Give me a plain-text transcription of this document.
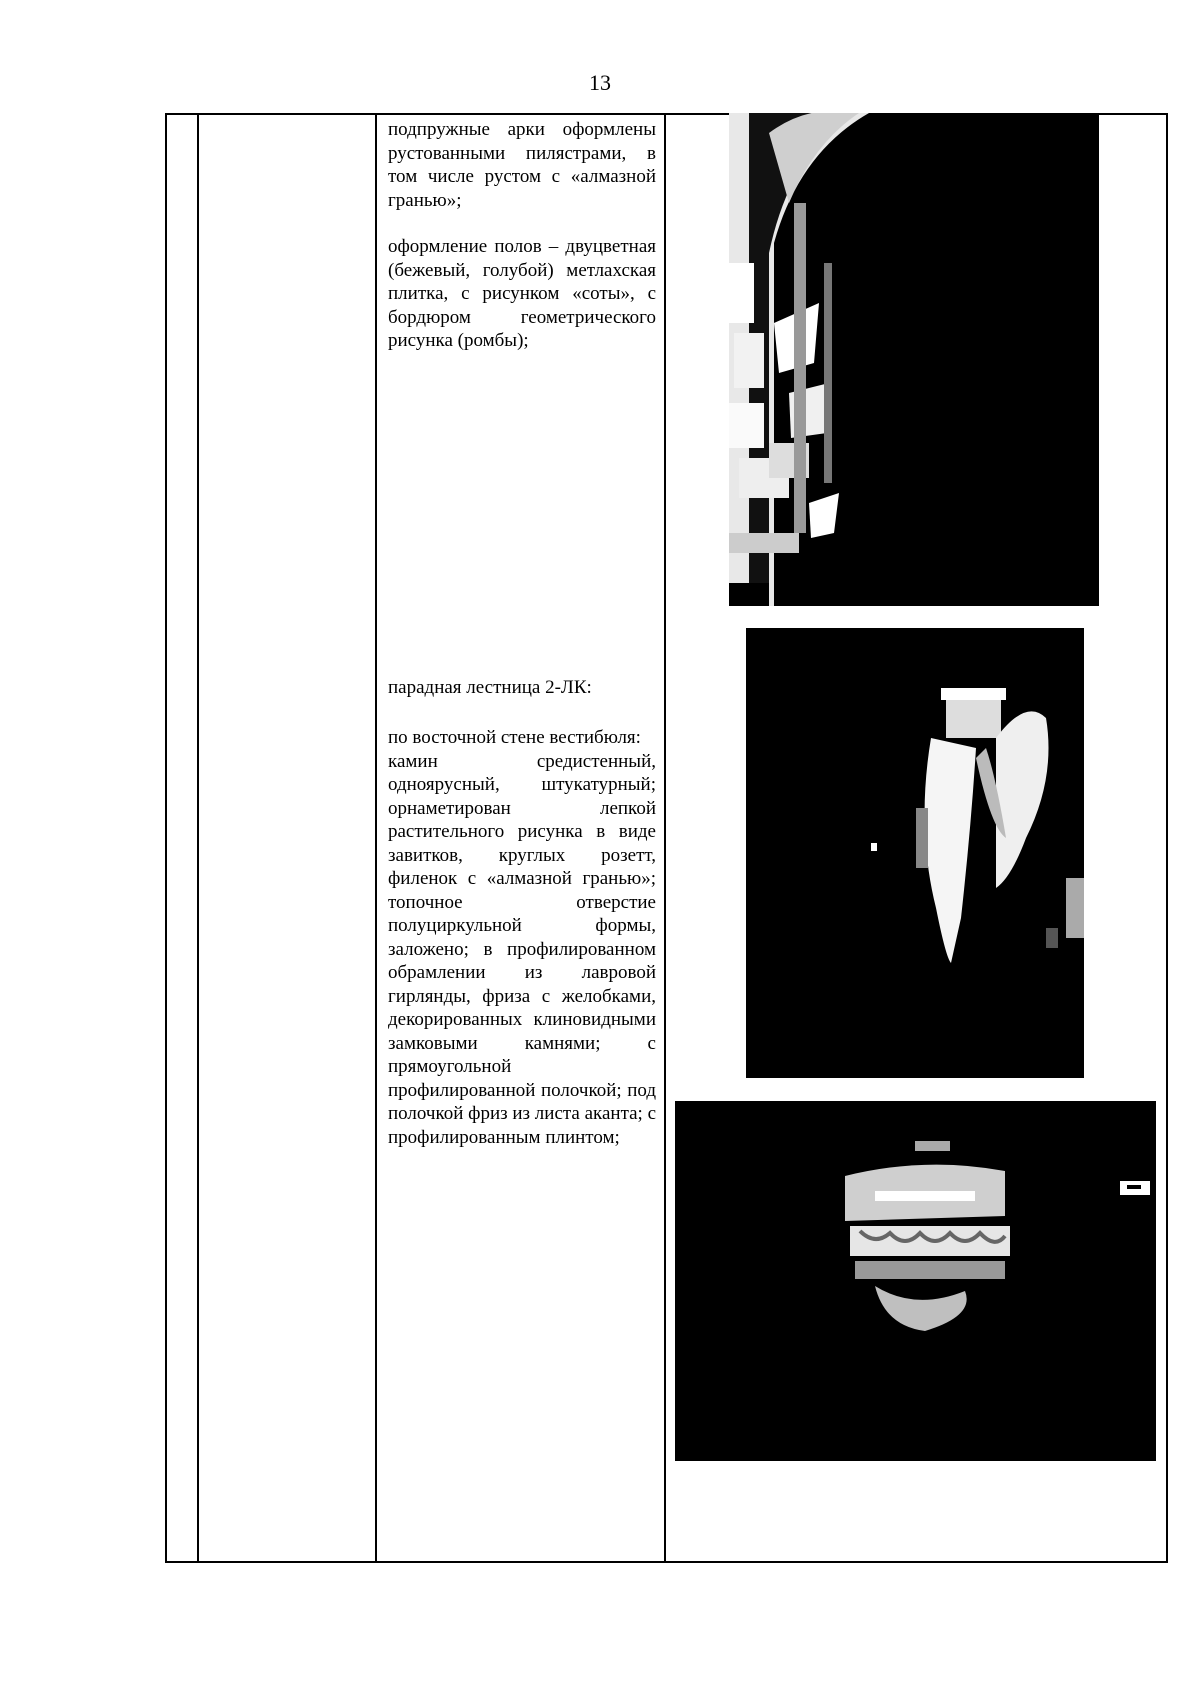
13

подпружные арки оформлены рустованными пилястрами, в том числе рустом с «алмазной гранью»;

оформление полов – двуцветная (бежевый, голубой) метлахская плитка, с рисунком «соты», с бордюром геометрического рисунка (ромбы);

парадная лестница 2-ЛК:

по восточной стене вестибюля:

камин средистенный, одноярусный, штукатурный; орнаметирован лепкой растительного рисунка в виде завитков, круглых розетт, филенок с «алмазной гранью»; топочное отверстие полуциркульной формы, заложено; в профилированном обрамлении из лавровой гирлянды, фриза с желобками, декорированных клиновидными замковыми камнями; с прямоугольной профилированной полочкой; под полочкой фриз из листа аканта; с профилированным плинтом;
